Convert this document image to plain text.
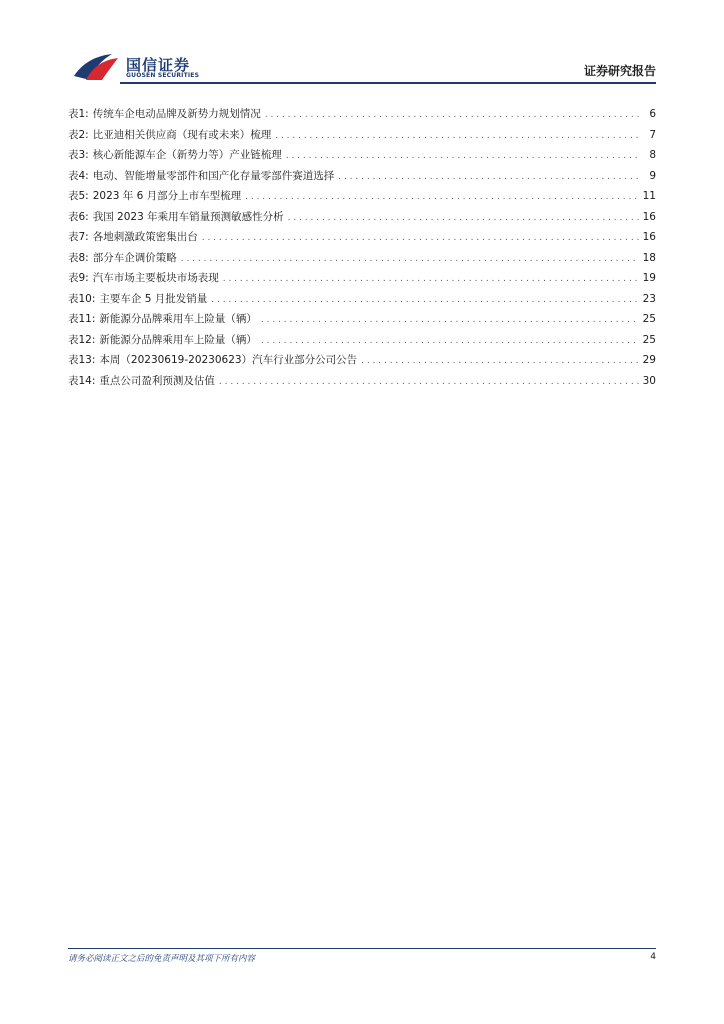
国信证券
GUOSEN SECURITIES	证券研究报告
表1: 传统车企电动品牌及新势力规划情况 . . .	6
表2: 比亚迪相关供应商（现有或未来）梳理 . . .	7
表3: 核心新能源车企（新势力等）产业链梳理 . . .	8
表4: 电动、智能增量零部件和国产化存量零部件赛道选择 . . .	9
表5: 2023 年 6 月部分上市车型梳理 . . .	11
表6: 我国 2023 年乘用车销量预测敏感性分析 . . .	16
表7: 各地刺激政策密集出台 . . .	16
表8: 部分车企调价策略 . . .	18
表9: 汽车市场主要板块市场表现 . . .	19
表10: 主要车企 5 月批发销量 . . .	23
表11: 新能源分品牌乘用车上险量（辆） . . .	25
表12: 新能源分品牌乘用车上险量（辆） . . .	25
表13: 本周（20230619-20230623）汽车行业部分公司公告 . . .	29
表14: 重点公司盈利预测及估值 . . .	30
请务必阅读正文之后的免责声明及其项下所有内容	4
